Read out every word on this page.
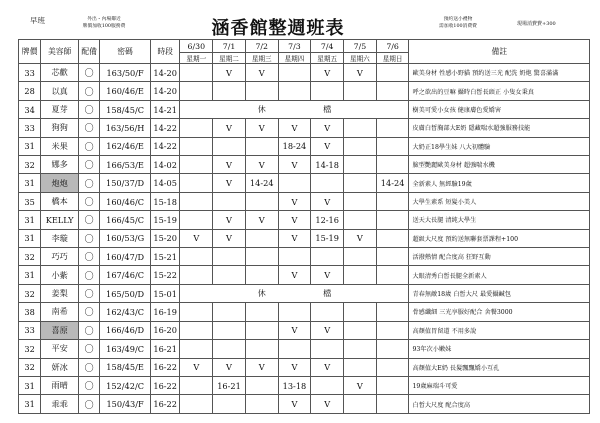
早班	外出・內場鄰近
牌價加收100服務費	涵香館整週班表	預約送小禮物
需加收100消費費	現場消費費+300
牌價	美容師	配備	密碼	時段	6/30	7/1	7/2	7/3	7/4	7/5	7/6	備註
					星期一	星期二	星期三	星期四	星期五	星期六	星期日	
33	芯歡	〇	163/50/F	14-20		V	V		V	V		歐美身材 性感小野貓 預約送三光 配洗 奶炮 驚喜滿滿
28	以真	〇	160/46/E	14-20								呼之欲出的豆嘛 攝時白皙長頭正 小隻女秉真
34	夏芽	〇	158/45/C	14-21	休　　　　　　　檔							樹美可愛小女孩 健康膚色愛嬌害
33	狗狗	〇	163/56/H	14-22		V	V	V	V			皮膚白皙胸部大E奶 隱藏喘水超強服務技能
31	米果	〇	162/46/E	14-22				18-24	V			大奶正18學生妹 八大初體驗
32	娜多	〇	166/53/E	14-02		V	V	V	14-18			臉型艷麗歐美身材 超強喘水機
31	炮炮	〇	150/37/D	14-05		V	14-24				14-24	全新素人 無經驗19歲
35	橋本	〇	160/46/C	15-18				V	V			大學生素系 短髮小美人
31	KELLY	〇	166/45/C	15-19		V	V	V	12-16			送天大長腿 清純大學生
31	李璇	〇	160/53/G	15-20	V	V		V	15-19	V		超級大尺度 預約送無聯套票課程+100
32	巧巧	〇	160/47/D	15-21								活潑熱情 配合度高 狂野互動
31	小紫	〇	167/46/C	15-22				V	V			大眼清秀白皙長腿全新素人
32	姜梨	〇	165/50/D	15-01	休　　　　　　　檔							青春無敵18歲 白皙大尺 最愛攝鹹包
38	南希	〇	162/43/C	16-19								骨感纖細 三光享服好配合 舍餐3000
33	喜原	〇	166/46/D	16-20				V	V			高顏值胃留道 不用多說
32	平安	〇	163/49/C	16-21								93年次小嫩妹
32	妍冰	〇	158/45/E	16-22	V	V	V	V	V			高顏值大E奶 長髮飄飄嬌小互孔
31	雨晴	〇	152/42/C	16-22		16-21		13-18		V		19歲麻瑞斗可愛
31	乖乖	〇	150/43/F	16-22				V	V			白皙大尺度 配合度高
